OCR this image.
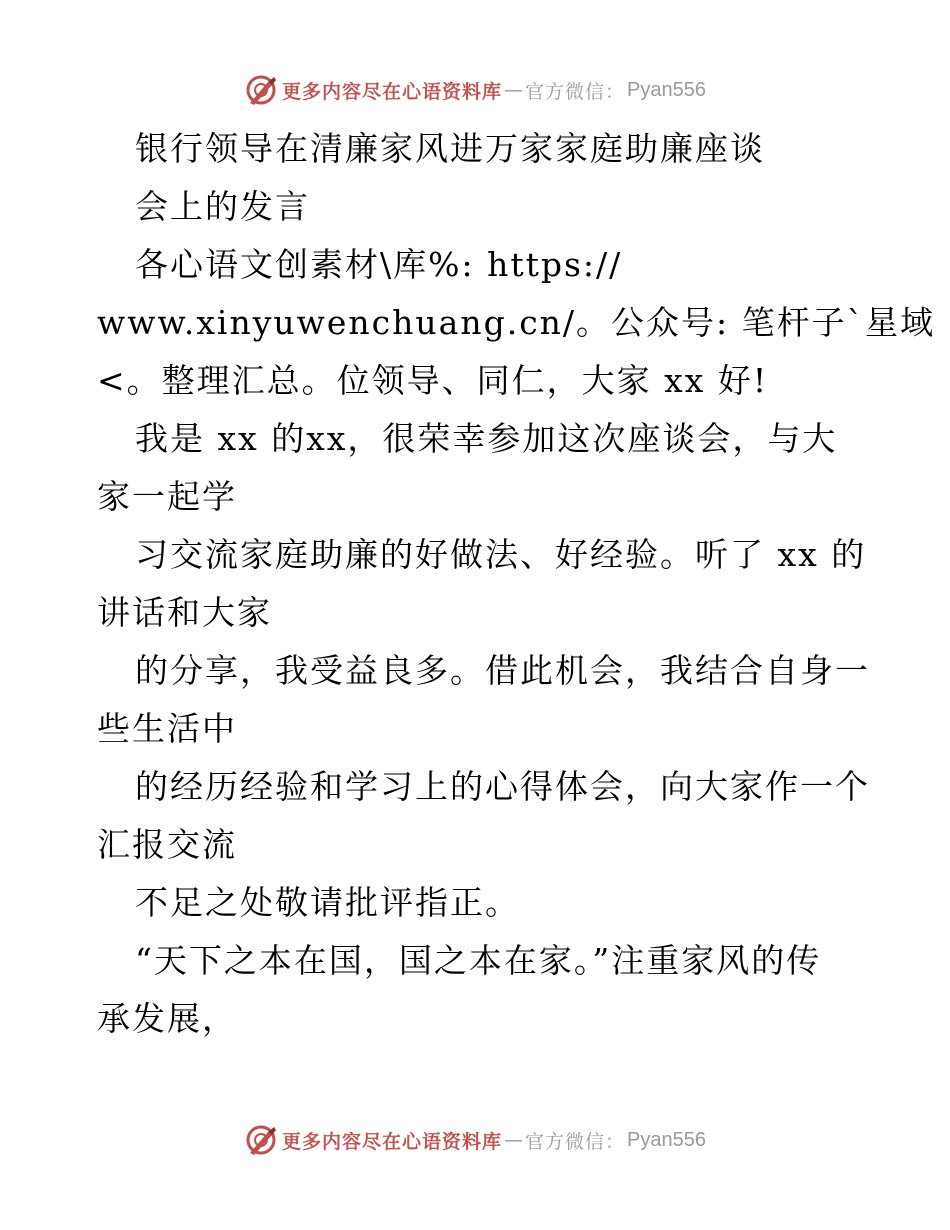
更多内容尽在心语资料库 — 官方微信： Pyan556
银行领导在清廉家风进万家家庭助廉座谈
会上的发言
各心语文创素材\库%: https://
www.xinyuwenchuang.cn/。公众号: 笔杆子`星域
<。整理汇总。位领导、同仁，大家 xx 好!
我是 xx 的xx，很荣幸参加这次座谈会，与大
家一起学
习交流家庭助廉的好做法、好经验。听了 xx 的
讲话和大家
的分享，我受益良多。借此机会，我结合自身一
些生活中
的经历经验和学习上的心得体会，向大家作一个
汇报交流
不足之处敬请批评指正。
“天下之本在国，国之本在家。”注重家风的传
承发展，
更多内容尽在心语资料库 — 官方微信： Pyan556
